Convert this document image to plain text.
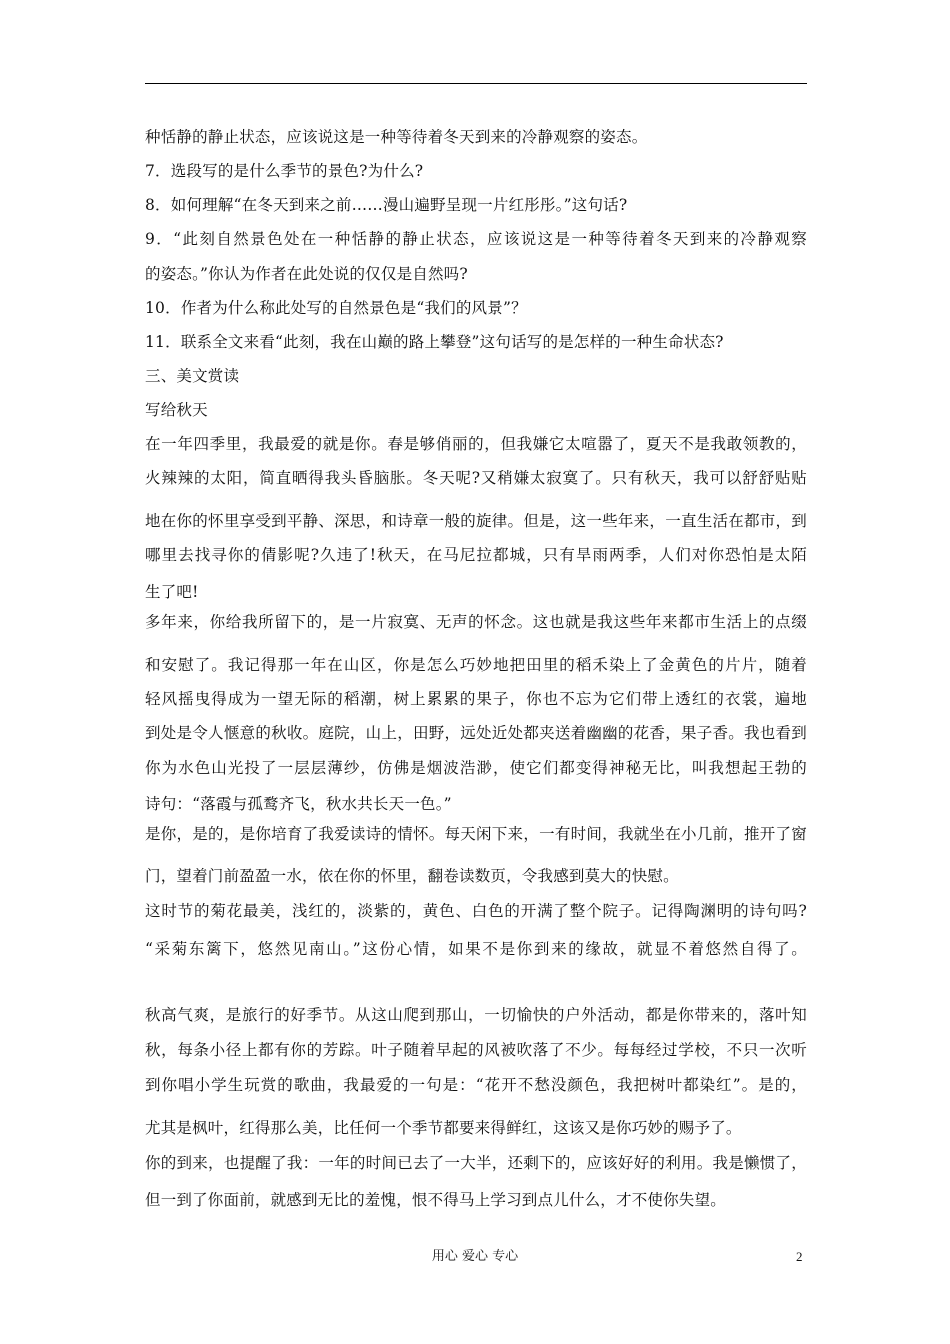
种恬静的静止状态，应该说这是一种等待着冬天到来的冷静观察的姿态。
7．选段写的是什么季节的景色?为什么?
8．如何理解“在冬天到来之前……漫山遍野呈现一片红彤彤。”这句话?
9．“此刻自然景色处在一种恬静的静止状态，应该说这是一种等待着冬天到来的冷静观察
的姿态。”你认为作者在此处说的仅仅是自然吗?
10．作者为什么称此处写的自然景色是“我们的风景”？
11．联系全文来看“此刻，我在山巅的路上攀登”这句话写的是怎样的一种生命状态?
三、美文赏读
写给秋天
在一年四季里，我最爱的就是你。春是够俏丽的，但我嫌它太喧嚣了，夏天不是我敢领教的，
火辣辣的太阳，简直晒得我头昏脑胀。冬天呢?又稍嫌太寂寞了。只有秋天，我可以舒舒贴贴
地在你的怀里享受到平静、深思，和诗章一般的旋律。但是，这一些年来，一直生活在都市，到
哪里去找寻你的倩影呢?久违了!秋天，在马尼拉都城，只有旱雨两季，人们对你恐怕是太陌
生了吧!
多年来，你给我所留下的，是一片寂寞、无声的怀念。这也就是我这些年来都市生活上的点缀
和安慰了。我记得那一年在山区，你是怎么巧妙地把田里的稻禾染上了金黄色的片片，随着
轻风摇曳得成为一望无际的稻潮，树上累累的果子，你也不忘为它们带上透红的衣裳，遍地
到处是令人惬意的秋收。庭院，山上，田野，远处近处都夹送着幽幽的花香，果子香。我也看到
你为水色山光投了一层层薄纱，仿佛是烟波浩渺，使它们都变得神秘无比，叫我想起王勃的
诗句：“落霞与孤鹜齐飞，秋水共长天一色。”
是你，是的，是你培育了我爱读诗的情怀。每天闲下来，一有时间，我就坐在小几前，推开了窗
门，望着门前盈盈一水，依在你的怀里，翻卷读数页，令我感到莫大的快慰。
这时节的菊花最美，浅红的，淡紫的，黄色、白色的开满了整个院子。记得陶渊明的诗句吗?
“采菊东篱下，悠然见南山。”这份心情，如果不是你到来的缘故，就显不着悠然自得了。
秋高气爽，是旅行的好季节。从这山爬到那山，一切愉快的户外活动，都是你带来的，落叶知
秋，每条小径上都有你的芳踪。叶子随着早起的风被吹落了不少。每每经过学校，不只一次听
到你唱小学生玩赏的歌曲，我最爱的一句是：“花开不愁没颜色，我把树叶都染红”。是的，
尤其是枫叶，红得那么美，比任何一个季节都要来得鲜红，这该又是你巧妙的赐予了。
你的到来，也提醒了我：一年的时间已去了一大半，还剩下的，应该好好的利用。我是懒惯了，
但一到了你面前，就感到无比的羞愧，恨不得马上学习到点儿什么，才不使你失望。
用心 爱心 专心	2
